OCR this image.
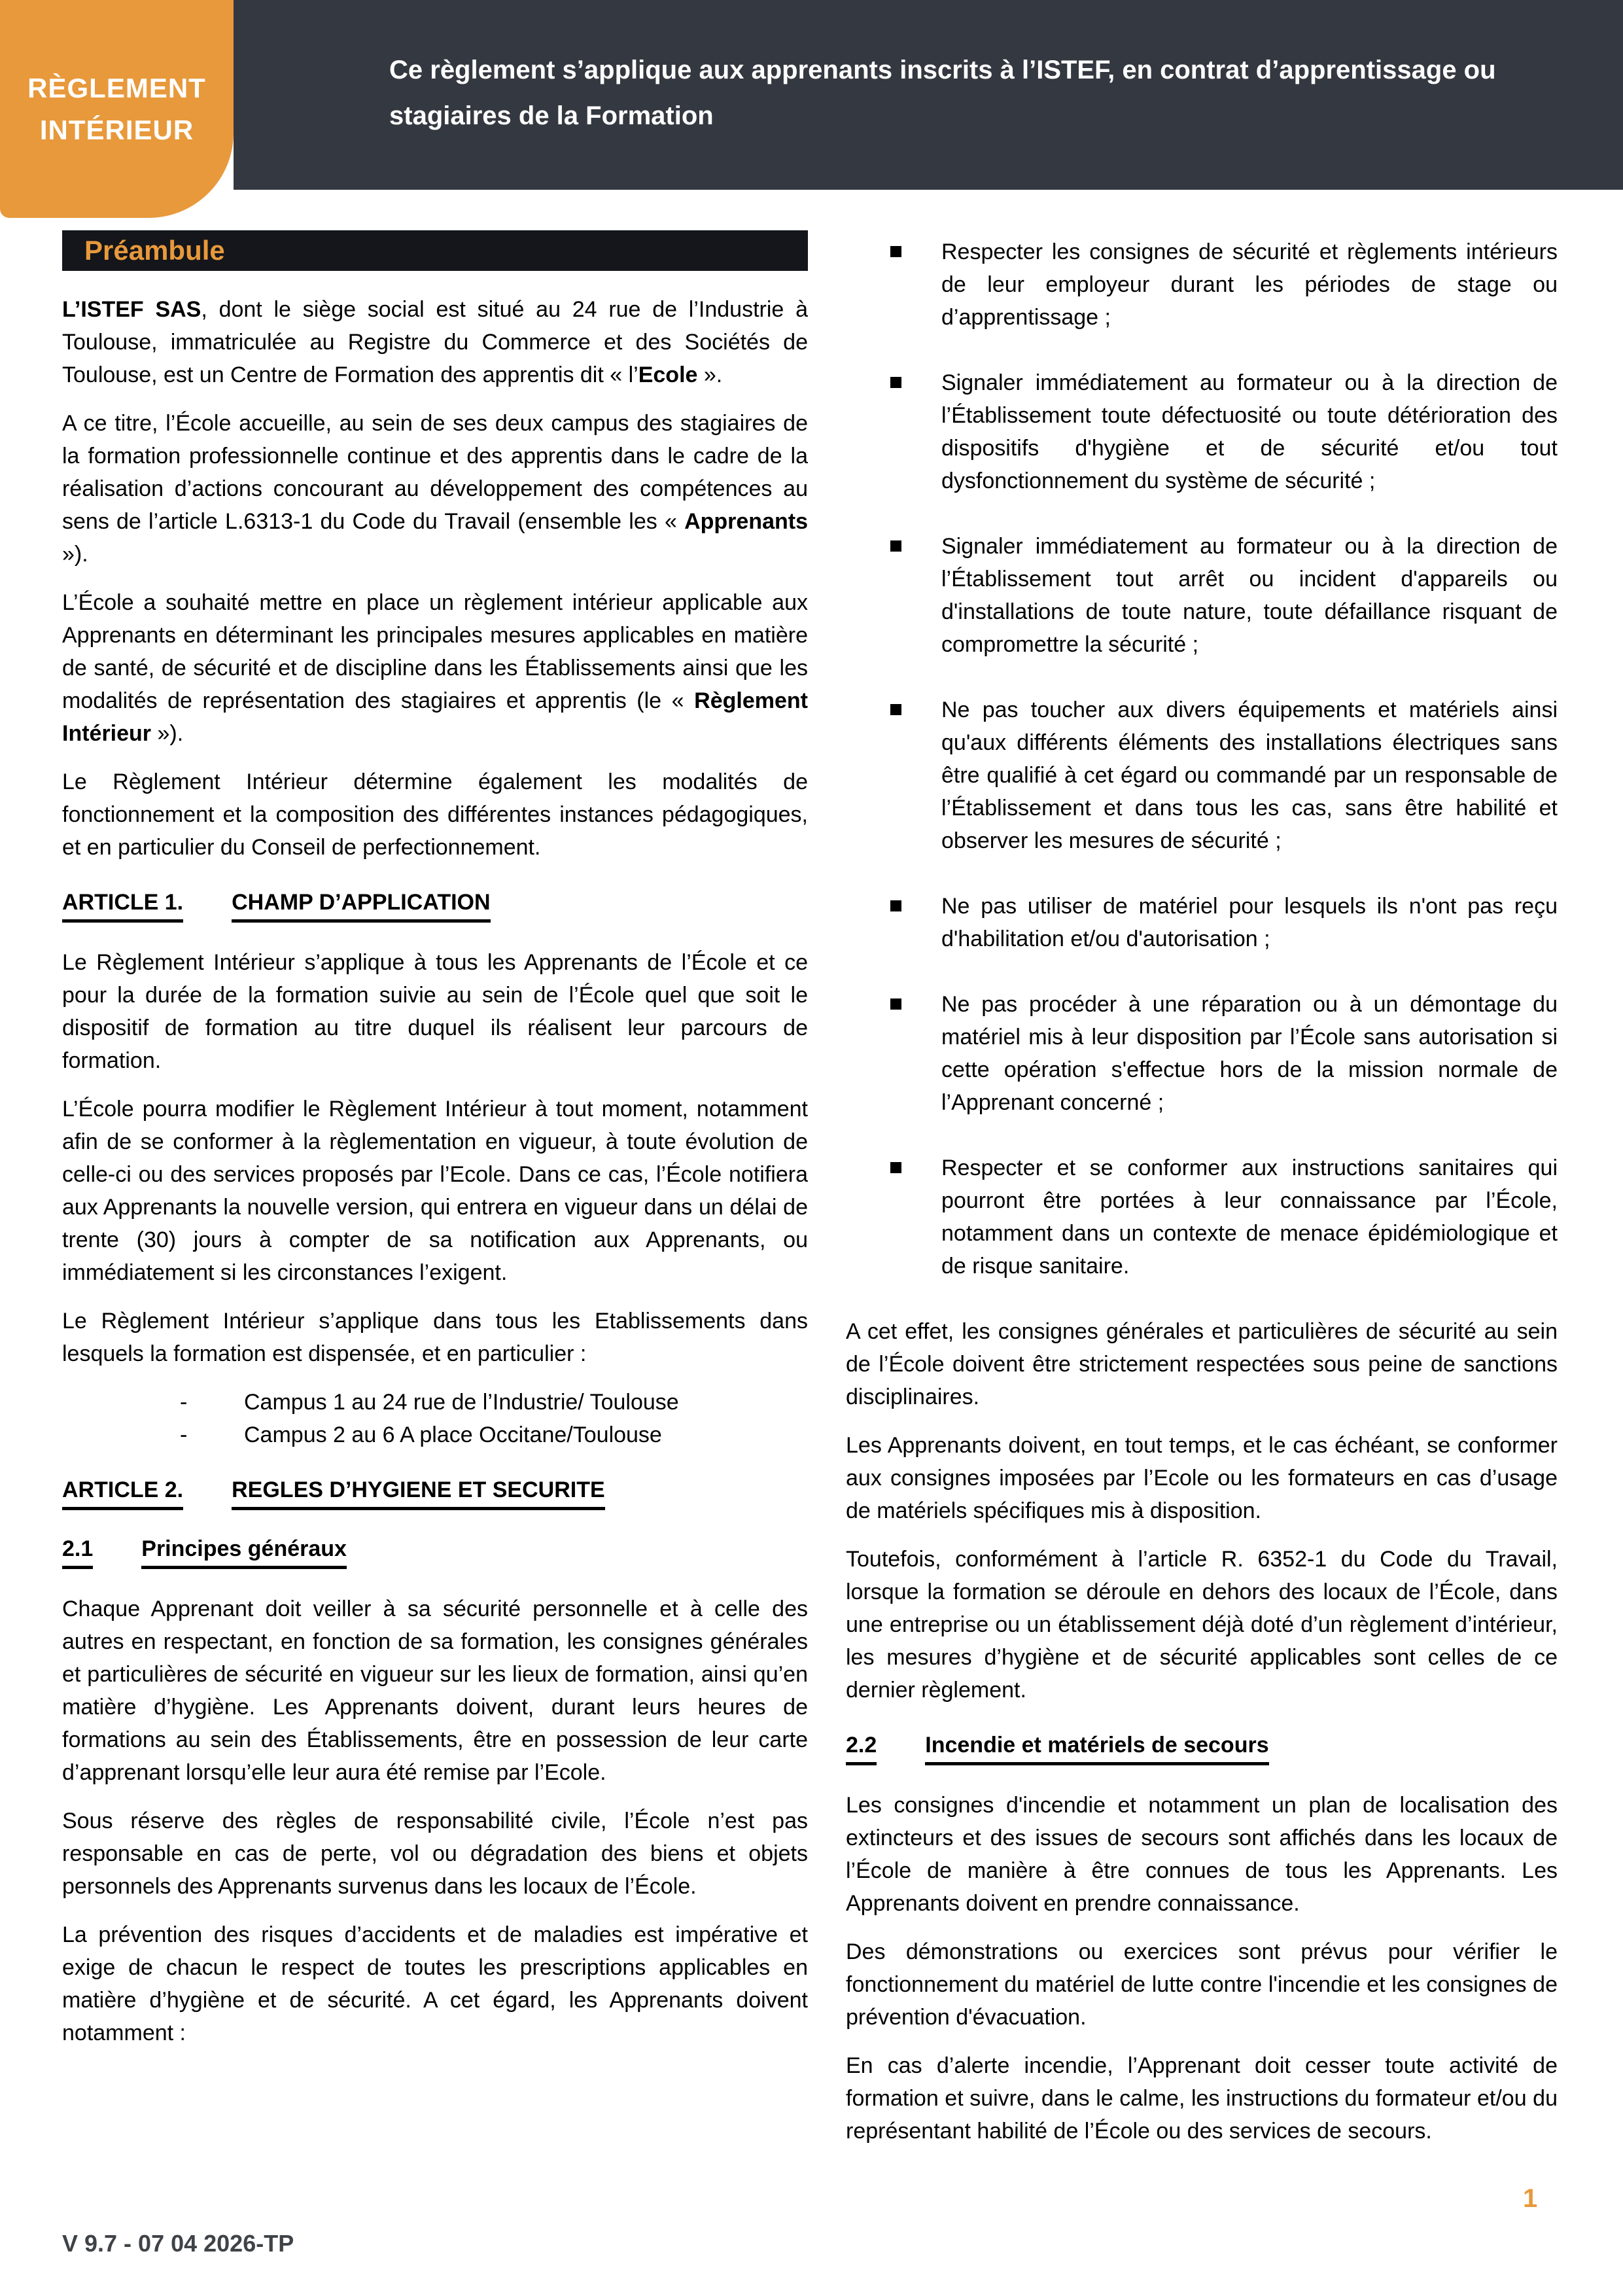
RÈGLEMENT
INTÉRIEUR
Ce règlement s’applique aux apprenants inscrits à l’ISTEF, en contrat d’apprentissage ou stagiaires de la Formation
Préambule
L’ISTEF SAS, dont le siège social est situé au 24 rue de l’Industrie à Toulouse, immatriculée au Registre du Commerce et des Sociétés de Toulouse, est un Centre de Formation des apprentis dit « l’Ecole ».
A ce titre, l’École accueille, au sein de ses deux campus des stagiaires de la formation professionnelle continue et des apprentis dans le cadre de la réalisation d’actions concourant au développement des compétences au sens de l’article L.6313-1 du Code du Travail (ensemble les « Apprenants »).
L’École a souhaité mettre en place un règlement intérieur applicable aux Apprenants en déterminant les principales mesures applicables en matière de santé, de sécurité et de discipline dans les Établissements ainsi que les modalités de représentation des stagiaires et apprentis (le « Règlement Intérieur »).
Le Règlement Intérieur détermine également les modalités de fonctionnement et la composition des différentes instances pédagogiques, et en particulier du Conseil de perfectionnement.
ARTICLE 1. CHAMP D’APPLICATION
Le Règlement Intérieur s’applique à tous les Apprenants de l’École et ce pour la durée de la formation suivie au sein de l’École quel que soit le dispositif de formation au titre duquel ils réalisent leur parcours de formation.
L’École pourra modifier le Règlement Intérieur à tout moment, notamment afin de se conformer à la règlementation en vigueur, à toute évolution de celle-ci ou des services proposés par l’Ecole. Dans ce cas, l’École notifiera aux Apprenants la nouvelle version, qui entrera en vigueur dans un délai de trente (30) jours à compter de sa notification aux Apprenants, ou immédiatement si les circonstances l’exigent.
Le Règlement Intérieur s’applique dans tous les Etablissements dans lesquels la formation est dispensée, et en particulier :
-	Campus 1 au 24 rue de l’Industrie/ Toulouse
-	Campus 2 au 6 A place Occitane/Toulouse
ARTICLE 2. REGLES D’HYGIENE ET SECURITE
2.1 Principes généraux
Chaque Apprenant doit veiller à sa sécurité personnelle et à celle des autres en respectant, en fonction de sa formation, les consignes générales et particulières de sécurité en vigueur sur les lieux de formation, ainsi qu’en matière d’hygiène. Les Apprenants doivent, durant leurs heures de formations au sein des Établissements, être en possession de leur carte d’apprenant lorsqu’elle leur aura été remise par l’Ecole.
Sous réserve des règles de responsabilité civile, l’École n’est pas responsable en cas de perte, vol ou dégradation des biens et objets personnels des Apprenants survenus dans les locaux de l’École.
La prévention des risques d’accidents et de maladies est impérative et exige de chacun le respect de toutes les prescriptions applicables en matière d’hygiène et de sécurité. A cet égard, les Apprenants doivent notamment :
Respecter les consignes de sécurité et règlements intérieurs de leur employeur durant les périodes de stage ou d’apprentissage ;
Signaler immédiatement au formateur ou à la direction de l’Établissement toute défectuosité ou toute détérioration des dispositifs d'hygiène et de sécurité et/ou tout dysfonctionnement du système de sécurité ;
Signaler immédiatement au formateur ou à la direction de l’Établissement tout arrêt ou incident d'appareils ou d'installations de toute nature, toute défaillance risquant de compromettre la sécurité ;
Ne pas toucher aux divers équipements et matériels ainsi qu'aux différents éléments des installations électriques sans être qualifié à cet égard ou commandé par un responsable de l’Établissement et dans tous les cas, sans être habilité et observer les mesures de sécurité ;
Ne pas utiliser de matériel pour lesquels ils n'ont pas reçu d'habilitation et/ou d'autorisation ;
Ne pas procéder à une réparation ou à un démontage du matériel mis à leur disposition par l’École sans autorisation si cette opération s'effectue hors de la mission normale de l’Apprenant concerné ;
Respecter et se conformer aux instructions sanitaires qui pourront être portées à leur connaissance par l’École, notamment dans un contexte de menace épidémiologique et de risque sanitaire.
A cet effet, les consignes générales et particulières de sécurité au sein de l’École doivent être strictement respectées sous peine de sanctions disciplinaires.
Les Apprenants doivent, en tout temps, et le cas échéant, se conformer aux consignes imposées par l’Ecole ou les formateurs en cas d’usage de matériels spécifiques mis à disposition.
Toutefois, conformément à l’article R. 6352-1 du Code du Travail, lorsque la formation se déroule en dehors des locaux de l’École, dans une entreprise ou un établissement déjà doté d’un règlement d’intérieur, les mesures d’hygiène et de sécurité applicables sont celles de ce dernier règlement.
2.2 Incendie et matériels de secours
Les consignes d'incendie et notamment un plan de localisation des extincteurs et des issues de secours sont affichés dans les locaux de l’École de manière à être connues de tous les Apprenants. Les Apprenants doivent en prendre connaissance.
Des démonstrations ou exercices sont prévus pour vérifier le fonctionnement du matériel de lutte contre l'incendie et les consignes de prévention d'évacuation.
En cas d’alerte incendie, l’Apprenant doit cesser toute activité de formation et suivre, dans le calme, les instructions du formateur et/ou du représentant habilité de l’École ou des services de secours.
V 9.7 - 07 04 2026-TP
1
